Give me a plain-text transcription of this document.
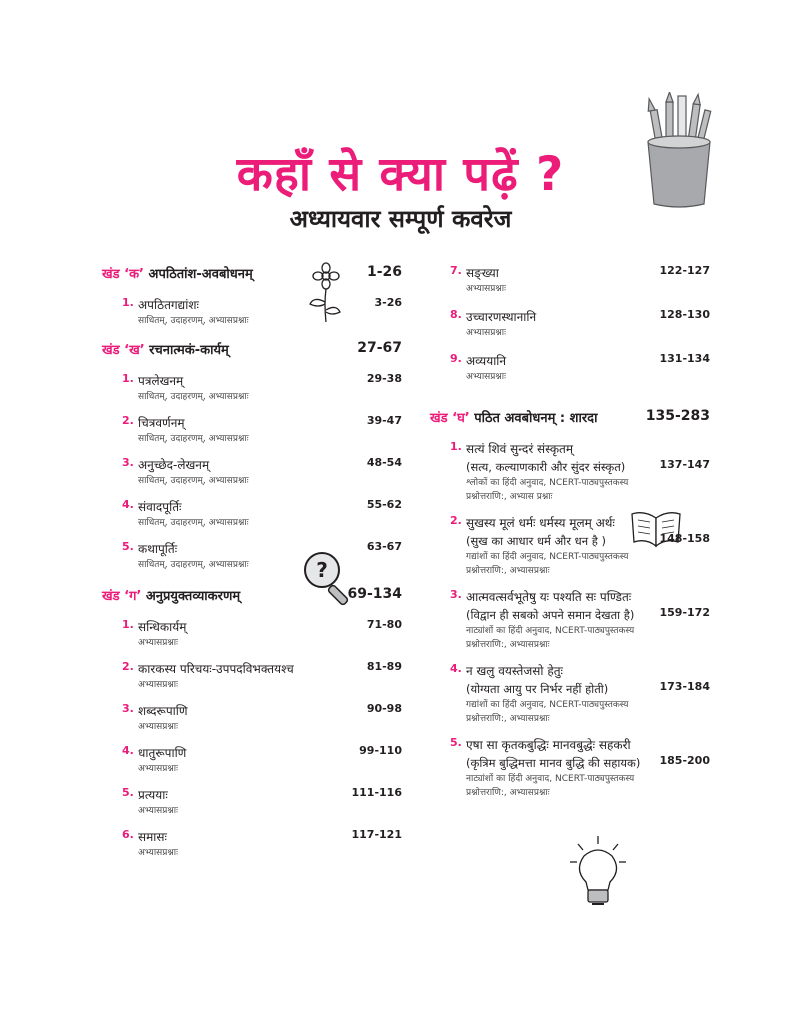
कहाँ से क्या पढ़ें ?
अध्यायवार सम्पूर्ण कवरेज
?
खंड ‘क’ अपठितांश-अवबोधनम्	1-26
1. अपठितगद्यांशः
साधितम्, उदाहरणम्, अभ्यासप्रश्नाः
3-26
खंड ‘ख’ रचनात्मकं-कार्यम्	27-67
1. पत्रलेखनम्
साधितम्, उदाहरणम्, अभ्यासप्रश्नाः
29-38
2. चित्रवर्णनम्
साधितम्, उदाहरणम्, अभ्यासप्रश्नाः
39-47
3. अनुच्छेद-लेखनम्
साधितम्, उदाहरणम्, अभ्यासप्रश्नाः
48-54
4. संवादपूर्तिः
साधितम्, उदाहरणम्, अभ्यासप्रश्नाः
55-62
5. कथापूर्तिः
साधितम्, उदाहरणम्, अभ्यासप्रश्नाः
63-67
खंड ‘ग’ अनुप्रयुक्तव्याकरणम्	69-134
1. सन्धिकार्यम्
अभ्यासप्रश्नाः
71-80
2. कारकस्य परिचयः-उपपदविभक्तयश्च
अभ्यासप्रश्नाः
81-89
3. शब्दरूपाणि
अभ्यासप्रश्नाः
90-98
4. धातुरूपाणि
अभ्यासप्रश्नाः
99-110
5. प्रत्ययाः
अभ्यासप्रश्नाः
111-116
6. समासः
अभ्यासप्रश्नाः
117-121
7. सङ्ख्या
अभ्यासप्रश्नाः
122-127
8. उच्चारणस्थानानि
अभ्यासप्रश्नाः
128-130
9. अव्ययानि
अभ्यासप्रश्नाः
131-134
खंड ‘घ’ पठित अवबोधनम् : शारदा	135-283
1. सत्यं शिवं सुन्दरं संस्कृतम्
(सत्य, कल्याणकारी और सुंदर संस्कृत)
श्लोकों का हिंदी अनुवाद, NCERT-पाठ्यपुस्तकस्य
प्रश्नोत्तराणि:, अभ्यास प्रश्नाः
137-147
2. सुखस्य मूलं धर्मः धर्मस्य मूलम् अर्थः
(सुख का आधार धर्म और धन है )
गद्यांशों का हिंदी अनुवाद, NCERT-पाठ्यपुस्तकस्य
प्रश्नोत्तराणि:, अभ्यासप्रश्नाः
148-158
3. आत्मवत्सर्वभूतेषु यः पश्यति सः पण्डितः
(विद्वान ही सबको अपने समान देखता है)
नाट्यांशों का हिंदी अनुवाद, NCERT-पाठ्यपुस्तकस्य
प्रश्नोत्तराणि:, अभ्यासप्रश्नाः
159-172
4. न खलु वयस्तेजसो हेतुः
(योग्यता आयु पर निर्भर नहीं होती)
गद्यांशों का हिंदी अनुवाद, NCERT-पाठ्यपुस्तकस्य
प्रश्नोत्तराणि:, अभ्यासप्रश्नाः
173-184
5. एषा सा कृतकबुद्धिः मानवबुद्धेः सहकरी
(कृत्रिम बुद्धिमत्ता मानव बुद्धि की सहायक)
नाट्यांशों का हिंदी अनुवाद, NCERT-पाठ्यपुस्तकस्य
प्रश्नोत्तराणि:, अभ्यासप्रश्नाः
185-200
